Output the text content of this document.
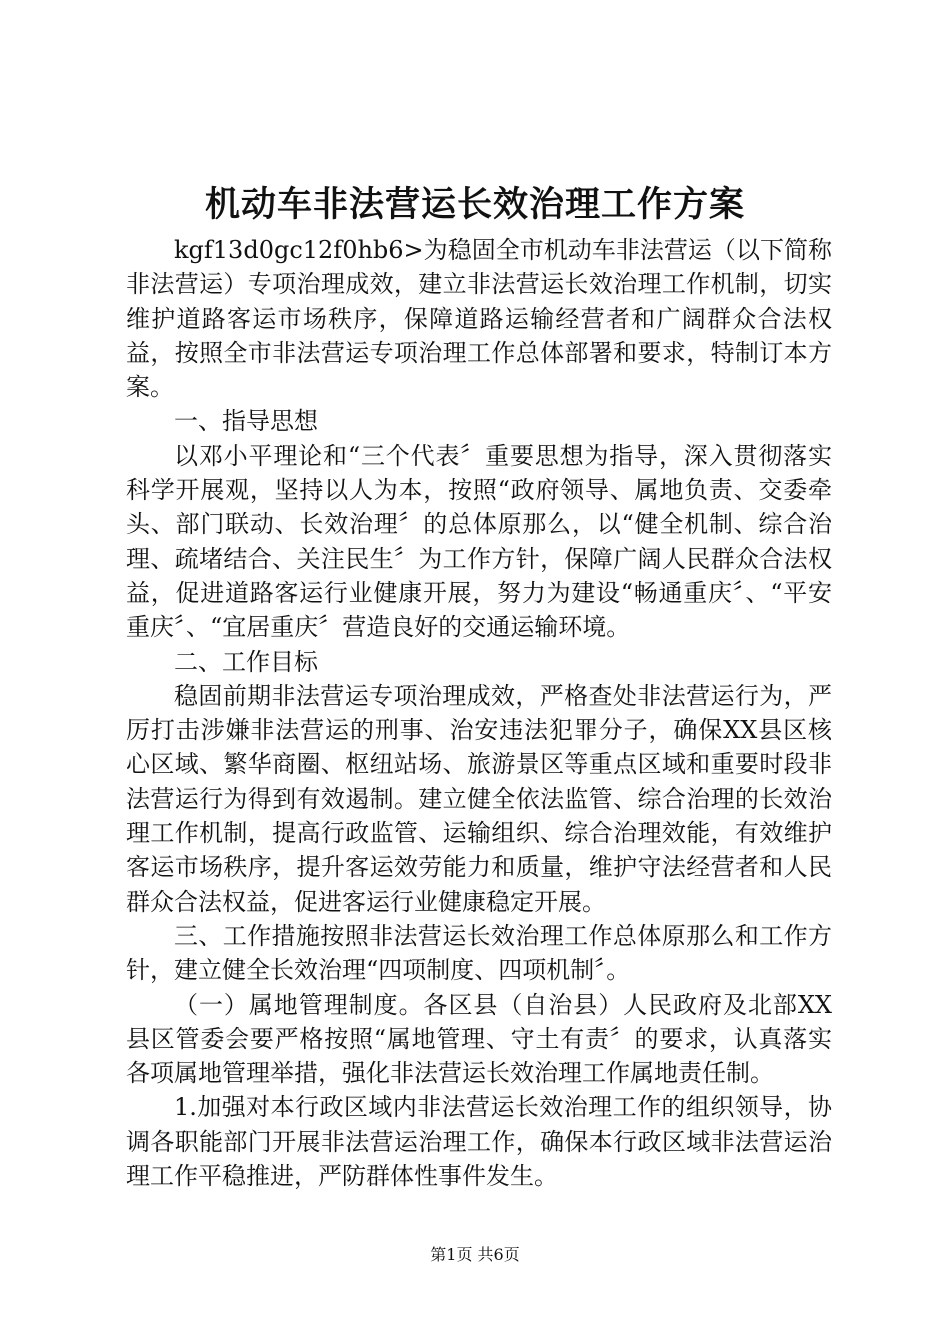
机动车非法营运长效治理工作方案

kgf13d0gc12f0hb6>为稳固全市机动车非法营运（以下简称非法营运）专项治理成效，建立非法营运长效治理工作机制，切实维护道路客运市场秩序，保障道路运输经营者和广阔群众合法权益，按照全市非法营运专项治理工作总体部署和要求，特制订本方案。

一、指导思想

以邓小平理论和“三个代表〞重要思想为指导，深入贯彻落实科学开展观，坚持以人为本，按照“政府领导、属地负责、交委牵头、部门联动、长效治理〞的总体原那么，以“健全机制、综合治理、疏堵结合、关注民生〞为工作方针，保障广阔人民群众合法权益，促进道路客运行业健康开展，努力为建设“畅通重庆〞、“平安重庆〞、“宜居重庆〞营造良好的交通运输环境。

二、工作目标

稳固前期非法营运专项治理成效，严格查处非法营运行为，严厉打击涉嫌非法营运的刑事、治安违法犯罪分子，确保XX县区核心区域、繁华商圈、枢纽站场、旅游景区等重点区域和重要时段非法营运行为得到有效遏制。建立健全依法监管、综合治理的长效治理工作机制，提高行政监管、运输组织、综合治理效能，有效维护客运市场秩序，提升客运效劳能力和质量，维护守法经营者和人民群众合法权益，促进客运行业健康稳定开展。

三、工作措施按照非法营运长效治理工作总体原那么和工作方针，建立健全长效治理“四项制度、四项机制〞。

（一）属地管理制度。各区县（自治县）人民政府及北部XX县区管委会要严格按照“属地管理、守土有责〞的要求，认真落实各项属地管理举措，强化非法营运长效治理工作属地责任制。

1.加强对本行政区域内非法营运长效治理工作的组织领导，协调各职能部门开展非法营运治理工作，确保本行政区域非法营运治理工作平稳推进，严防群体性事件发生。

第1页 共6页
